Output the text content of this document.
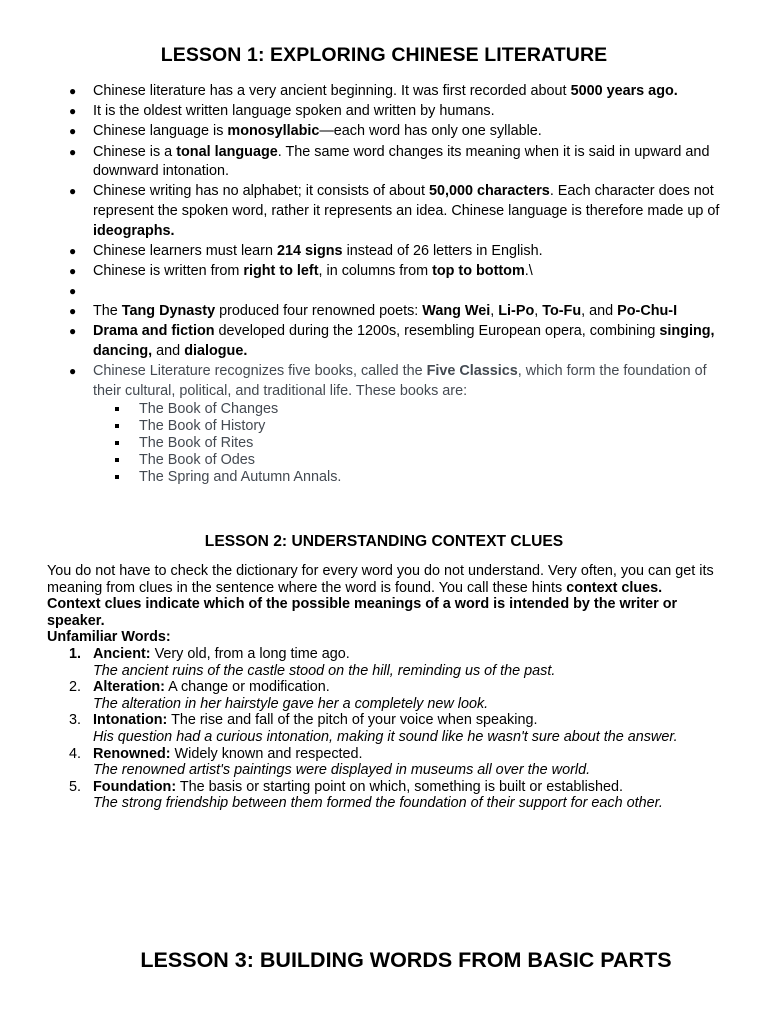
LESSON 1: EXPLORING CHINESE LITERATURE
● Chinese literature has a very ancient beginning. It was first recorded about 5000 years ago.
● It is the oldest written language spoken and written by humans.
● Chinese language is monosyllabic—each word has only one syllable.
● Chinese is a tonal language. The same word changes its meaning when it is said in upward and downward intonation.
● Chinese writing has no alphabet; it consists of about 50,000 characters. Each character does not represent the spoken word, rather it represents an idea. Chinese language is therefore made up of ideographs.
● Chinese learners must learn 214 signs instead of 26 letters in English.
● Chinese is written from right to left, in columns from top to bottom.\
●

● The Tang Dynasty produced four renowned poets: Wang Wei, Li-Po, To-Fu, and Po-Chu-I
● Drama and fiction developed during the 1200s, resembling European opera, combining singing, dancing, and dialogue.
● Chinese Literature recognizes five books, called the Five Classics, which form the foundation of their cultural, political, and traditional life. These books are:
The Book of Changes
The Book of History
The Book of Rites
The Book of Odes
The Spring and Autumn Annals.
LESSON 2: UNDERSTANDING CONTEXT CLUES

You do not have to check the dictionary for every word you do not understand. Very often, you can get its meaning from clues in the sentence where the word is found. You call these hints context clues.

Context clues indicate which of the possible meanings of a word is intended by the writer or speaker.

Unfamiliar Words:

1. Ancient: Very old, from a long time ago.
The ancient ruins of the castle stood on the hill, reminding us of the past.
2. Alteration: A change or modification.
The alteration in her hairstyle gave her a completely new look.
3. Intonation: The rise and fall of the pitch of your voice when speaking.
His question had a curious intonation, making it sound like he wasn't sure about the answer.
4. Renowned: Widely known and respected.
The renowned artist's paintings were displayed in museums all over the world.
5. Foundation: The basis or starting point on which, something is built or established.
The strong friendship between them formed the foundation of their support for each other.
LESSON 3: BUILDING WORDS FROM BASIC PARTS
